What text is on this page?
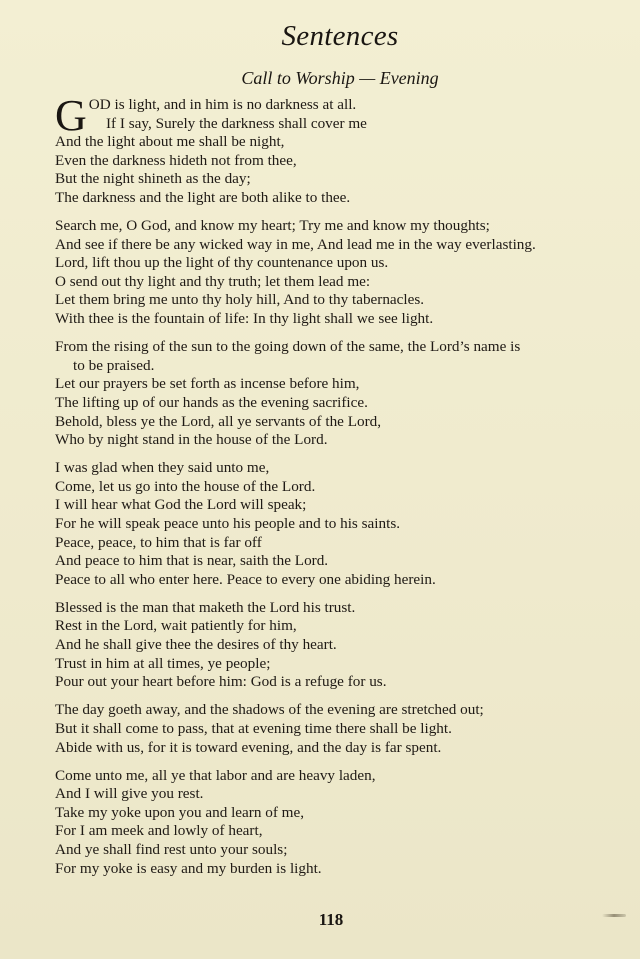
Sentences
Call to Worship — Evening
G OD is light, and in him is no darkness at all.
If I say, Surely the darkness shall cover me
And the light about me shall be night,
Even the darkness hideth not from thee,
But the night shineth as the day;
The darkness and the light are both alike to thee.
Search me, O God, and know my heart; Try me and know my thoughts;
And see if there be any wicked way in me, And lead me in the way everlasting.
Lord, lift thou up the light of thy countenance upon us.
O send out thy light and thy truth; let them lead me:
Let them bring me unto thy holy hill, And to thy tabernacles.
With thee is the fountain of life: In thy light shall we see light.
From the rising of the sun to the going down of the same, the Lord’s name is
to be praised.
Let our prayers be set forth as incense before him,
The lifting up of our hands as the evening sacrifice.
Behold, bless ye the Lord, all ye servants of the Lord,
Who by night stand in the house of the Lord.
I was glad when they said unto me,
Come, let us go into the house of the Lord.
I will hear what God the Lord will speak;
For he will speak peace unto his people and to his saints.
Peace, peace, to him that is far off
And peace to him that is near, saith the Lord.
Peace to all who enter here. Peace to every one abiding herein.
Blessed is the man that maketh the Lord his trust.
Rest in the Lord, wait patiently for him,
And he shall give thee the desires of thy heart.
Trust in him at all times, ye people;
Pour out your heart before him: God is a refuge for us.
The day goeth away, and the shadows of the evening are stretched out;
But it shall come to pass, that at evening time there shall be light.
Abide with us, for it is toward evening, and the day is far spent.
Come unto me, all ye that labor and are heavy laden,
And I will give you rest.
Take my yoke upon you and learn of me,
For I am meek and lowly of heart,
And ye shall find rest unto your souls;
For my yoke is easy and my burden is light.
118
